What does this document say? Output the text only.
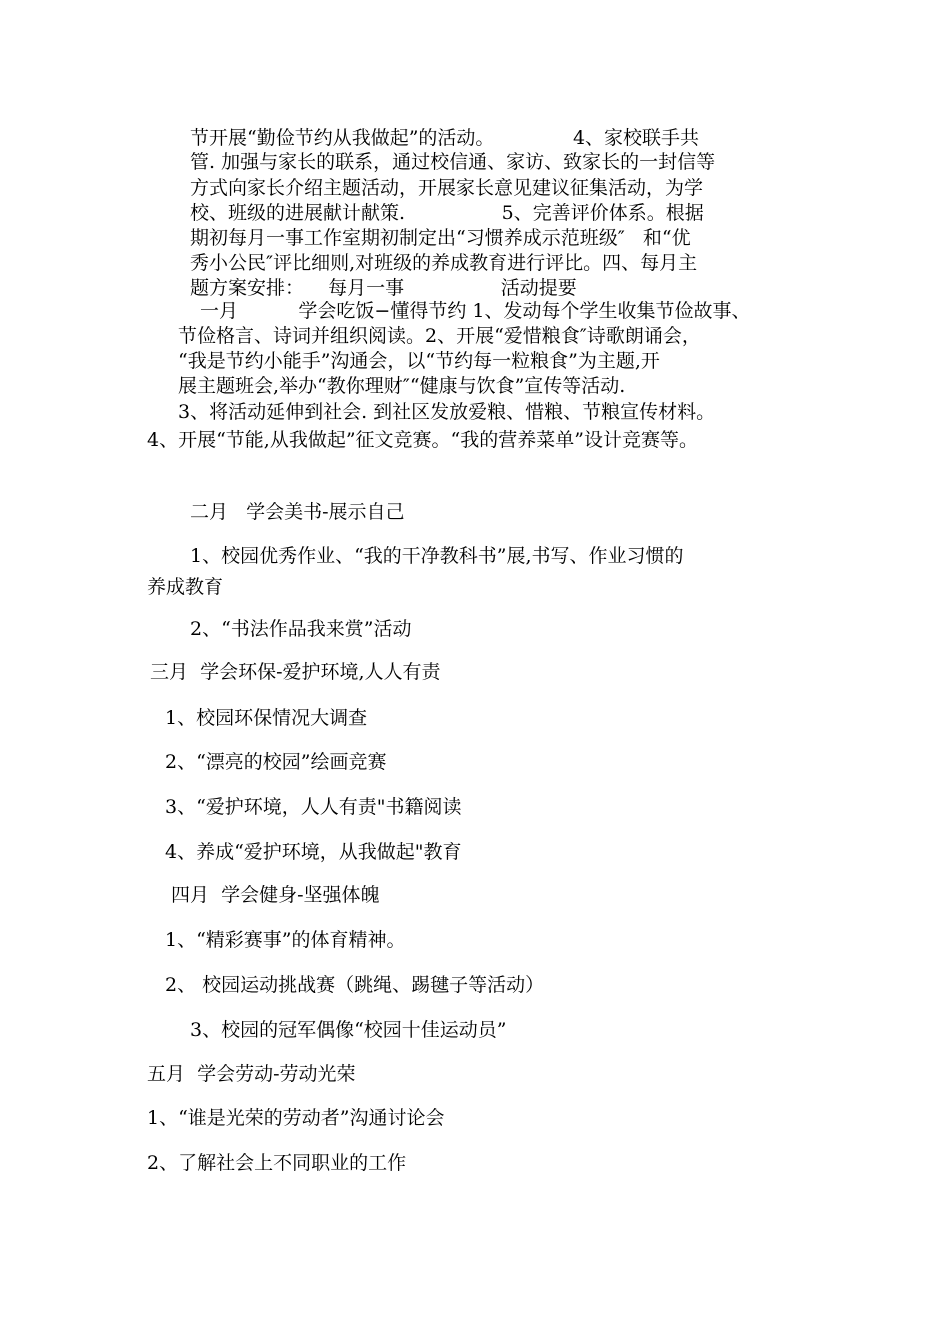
节开展“勤俭节约从我做起”的活动。             4、家校联手共
管. 加强与家长的联系，通过校信通、家访、致家长的一封信等
方式向家长介绍主题活动，开展家长意见建议征集活动，为学
校、班级的进展献计献策.                5、完善评价体系。根据
期初每月一事工作室期初制定出“习惯养成示范班级″   和“优
秀小公民″评比细则,对班级的养成教育进行评比。四、每月主
题方案安排：    每月一事                活动提要
一月          学会吃饭−懂得节约 1、发动每个学生收集节俭故事、
节俭格言、诗词并组织阅读。2、开展“爱惜粮食″诗歌朗诵会，
“我是节约小能手”沟通会，以“节约每一粒粮食”为主题,开
展主题班会,举办“教你理财″“健康与饮食”宣传等活动.
3、将活动延伸到社会. 到社区发放爱粮、惜粮、节粮宣传材料。
4、开展“节能,从我做起”征文竞赛。“我的营养菜单”设计竞赛等。
二月   学会美书-展示自己
1、校园优秀作业、“我的干净教科书”展,书写、作业习惯的
养成教育
2、“书法作品我来赏”活动
三月  学会环保-爱护环境,人人有责
1、校园环保情况大调查
2、“漂亮的校园”绘画竞赛
3、“爱护环境，人人有责"书籍阅读
4、养成“爱护环境，从我做起"教育
四月  学会健身-坚强体魄
1、“精彩赛事”的体育精神。
2、 校园运动挑战赛（跳绳、踢毽子等活动）
3、校园的冠军偶像“校园十佳运动员”
五月  学会劳动-劳动光荣
1、“谁是光荣的劳动者”沟通讨论会
2、了解社会上不同职业的工作
